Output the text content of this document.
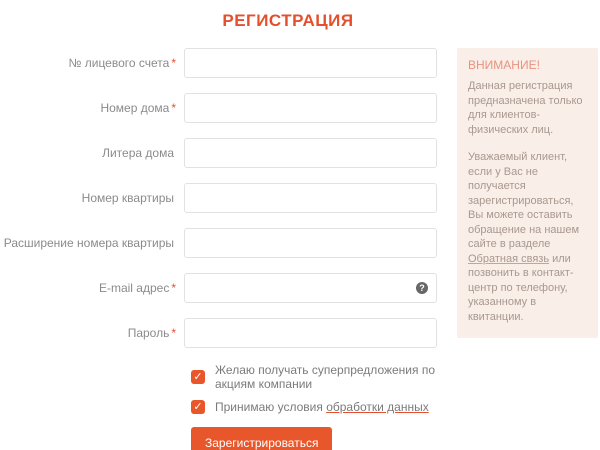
РЕГИСТРАЦИЯ
№ лицевого счета *
Номер дома *
Литера дома
Номер квартиры
Расширение номера квартиры
E-mail адрес *	?
Пароль *
✓ Желаю получать суперпредложения по акциям компании
✓ Принимаю условия обработки данных
Зарегистрироваться
ВНИМАНИЕ!

Данная регистрация предназначена только для клиентов-физических лиц.

Уважаемый клиент, если у Вас не получается зарегистрироваться, Вы можете оставить обращение на нашем сайте в разделе Обратная связь или позвонить в контакт-центр по телефону, указанному в квитанции.
